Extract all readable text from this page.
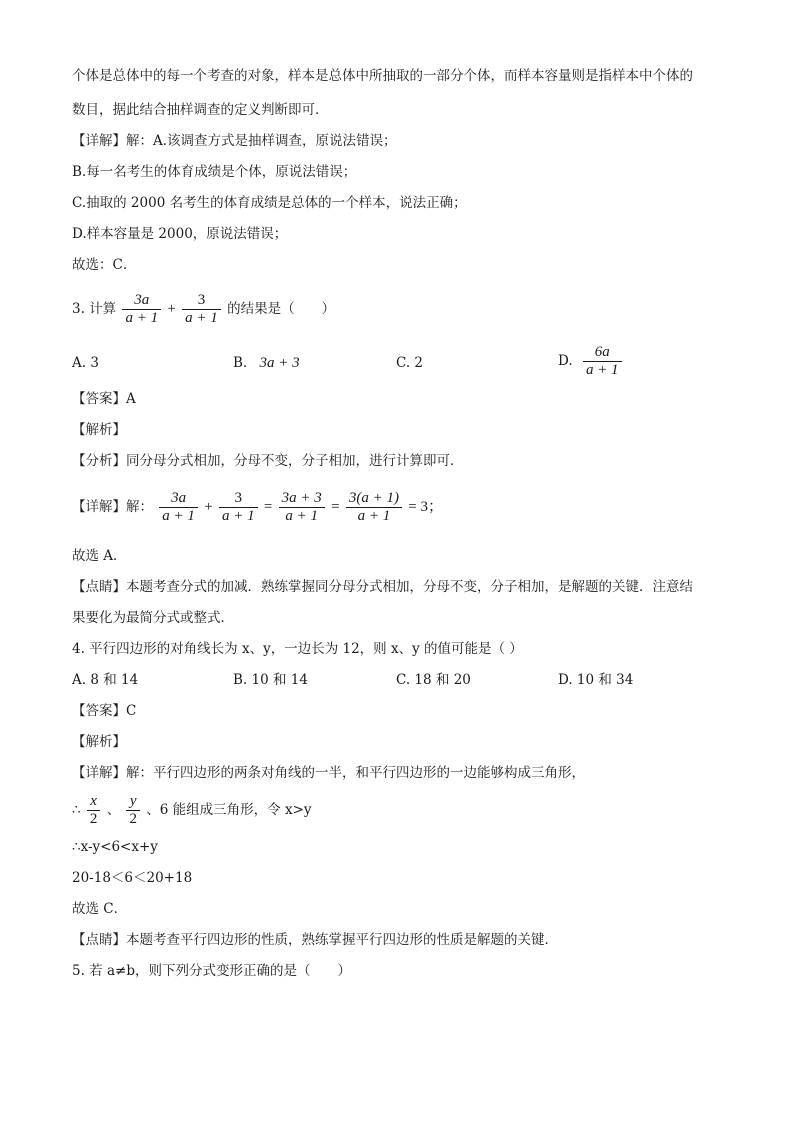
个体是总体中的每一个考查的对象，样本是总体中所抽取的一部分个体，而样本容量则是指样本中个体的
数目，据此结合抽样调查的定义判断即可．
【详解】解：A.该调查方式是抽样调查，原说法错误；
B.每一名考生的体育成绩是个体，原说法错误；
C.抽取的 2000 名考生的体育成绩是总体的一个样本，说法正确；
D.样本容量是 2000，原说法错误；
故选：C．
3. 计算 $\frac{3a}{a + 1} + \frac{3}{a + 1}$ 的结果是（　　）
A. 3	B. 3a + 3	C. 2	D. $\frac{6a}{a + 1}$
【答案】A
【解析】
【分析】同分母分式相加，分母不变，分子相加，进行计算即可．
【详解】解： $\frac{3a}{a + 1} + \frac{3}{a + 1} = \frac{3a + 3}{a + 1} = \frac{3(a + 1)}{a + 1} = 3$；
故选 A．
【点睛】本题考查分式的加减．熟练掌握同分母分式相加，分母不变，分子相加，是解题的关键．注意结
果要化为最简分式或整式．
4. 平行四边形的对角线长为 x、y，一边长为 12，则 x、y 的值可能是（ ）
A. 8 和 14	B. 10 和 14	C. 18 和 20	D. 10 和 34
【答案】C
【解析】
【详解】解：平行四边形的两条对角线的一半，和平行四边形的一边能够构成三角形，
∴ $\frac{x}{2}$ 、 $\frac{y}{2}$ 、6 能组成三角形，令 x>y
∴x-y<6<x+y
20-18＜6＜20+18
故选 C．
【点睛】本题考查平行四边形的性质，熟练掌握平行四边形的性质是解题的关键．
5. 若 a≠b，则下列分式变形正确的是（　　）
